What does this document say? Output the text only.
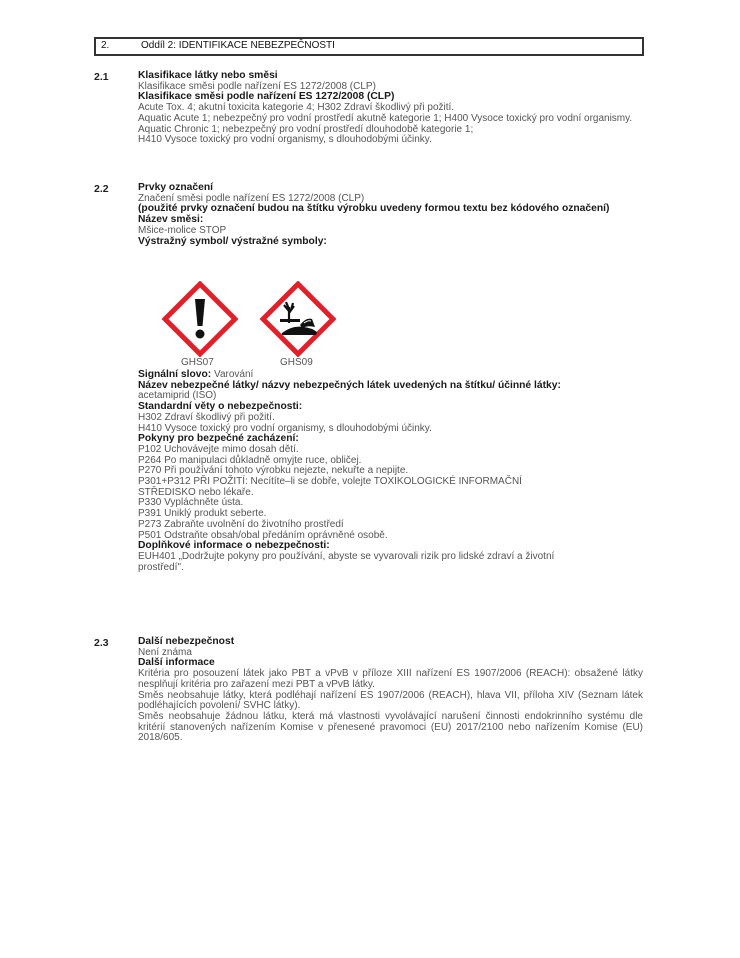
2.	Oddíl 2: IDENTIFIKACE NEBEZPEČNOSTI
2.1	Klasifikace látky nebo směsi
Klasifikace směsi podle nařízení ES 1272/2008 (CLP)
Klasifikace směsi podle nařízení ES 1272/2008 (CLP)
Acute Tox. 4; akutní toxicita kategorie 4; H302 Zdraví škodlivý při požití.
Aquatic Acute 1; nebezpečný pro vodní prostředí akutně kategorie 1; H400 Vysoce toxický pro vodní organismy.
Aquatic Chronic 1; nebezpečný pro vodní prostředí dlouhodobě kategorie 1;
H410 Vysoce toxický pro vodní organismy, s dlouhodobými účinky.
2.2	Prvky označení
Značení směsi podle nařízení ES 1272/2008 (CLP)
(použité prvky označení budou na štítku výrobku uvedeny formou textu bez kódového označení)
Název směsi:
Mšice-molice STOP
Výstražný symbol/ výstražné symboly:
GHS07	GHS09
Signální slovo: Varování
Název nebezpečné látky/ názvy nebezpečných látek uvedených na štítku/ účinné látky:
acetamiprid (ISO)
Standardní věty o nebezpečnosti:
H302 Zdraví škodlivý při požití.
H410 Vysoce toxický pro vodní organismy, s dlouhodobými účinky.
Pokyny pro bezpečné zacházení:
P102 Uchovávejte mimo dosah dětí.
P264 Po manipulaci důkladně omyjte ruce, obličej.
P270 Při používání tohoto výrobku nejezte, nekuřte a nepijte.
P301+P312 PŘI POŽITÍ: Necítíte–li se dobře, volejte TOXIKOLOGICKÉ INFORMAČNÍ
STŘEDISKO nebo lékaře.
P330 Vypláchněte ústa.
P391 Uniklý produkt seberte.
P273 Zabraňte uvolnění do životního prostředí
P501 Odstraňte obsah/obal předáním oprávněné osobě.
Doplňkové informace o nebezpečnosti:
EUH401 „Dodržujte pokyny pro používání, abyste se vyvarovali rizik pro lidské zdraví a životní
prostředí".
2.3	Další nebezpečnost
Není známa
Další informace
Kritéria pro posouzení látek jako PBT a vPvB v příloze XIII nařízení ES 1907/2006 (REACH): obsažené látky nesplňují kritéria pro zařazení mezi PBT a vPvB látky.
Směs neobsahuje látky, která podléhají nařízení ES 1907/2006 (REACH), hlava VII, příloha XIV (Seznam látek podléhajících povolení/ SVHC látky).
Směs neobsahuje žádnou látku, která má vlastnosti vyvolávající narušení činnosti endokrinního systému dle kritérií stanovených nařízením Komise v přenesené pravomoci (EU) 2017/2100 nebo nařízením Komise (EU) 2018/605.
